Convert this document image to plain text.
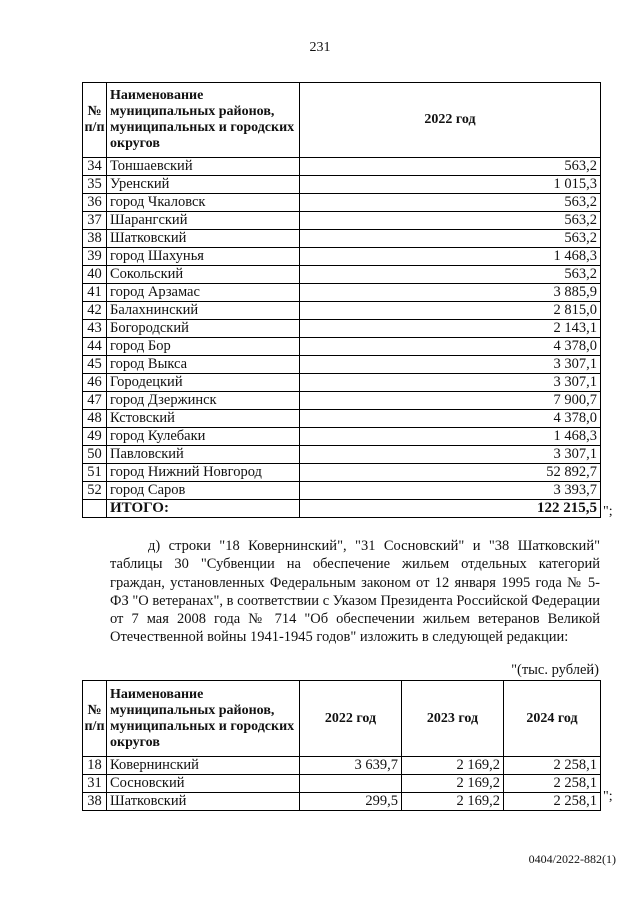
231
№ п/п	Наименование муниципальных районов, муниципальных и городских округов	2022 год
34	Тоншаевский	563,2
35	Уренский	1 015,3
36	город Чкаловск	563,2
37	Шарангский	563,2
38	Шатковский	563,2
39	город Шахунья	1 468,3
40	Сокольский	563,2
41	город Арзамас	3 885,9
42	Балахнинский	2 815,0
43	Богородский	2 143,1
44	город Бор	4 378,0
45	город Выкса	3 307,1
46	Городецкий	3 307,1
47	город Дзержинск	7 900,7
48	Кстовский	4 378,0
49	город Кулебаки	1 468,3
50	Павловский	3 307,1
51	город Нижний Новгород	52 892,7
52	город Саров	3 393,7
	ИТОГО:	122 215,5 ";
д) строки "18 Ковернинский", "31 Сосновский" и "38 Шатковский" таблицы 30 "Субвенции на обеспечение жильем отдельных категорий граждан, установленных Федеральным законом от 12 января 1995 года № 5-ФЗ "О ветеранах", в соответствии с Указом Президента Российской Федерации от 7 мая 2008 года № 714 "Об обеспечении жильем ветеранов Великой Отечественной войны 1941-1945 годов" изложить в следующей редакции:
"(тыс. рублей)
№ п/п	Наименование муниципальных районов, муниципальных и городских округов	2022 год	2023 год	2024 год
18	Ковернинский	3 639,7	2 169,2	2 258,1
31	Сосновский		2 169,2	2 258,1
38	Шатковский	299,5	2 169,2	2 258,1 ";
0404/2022-882(1)
